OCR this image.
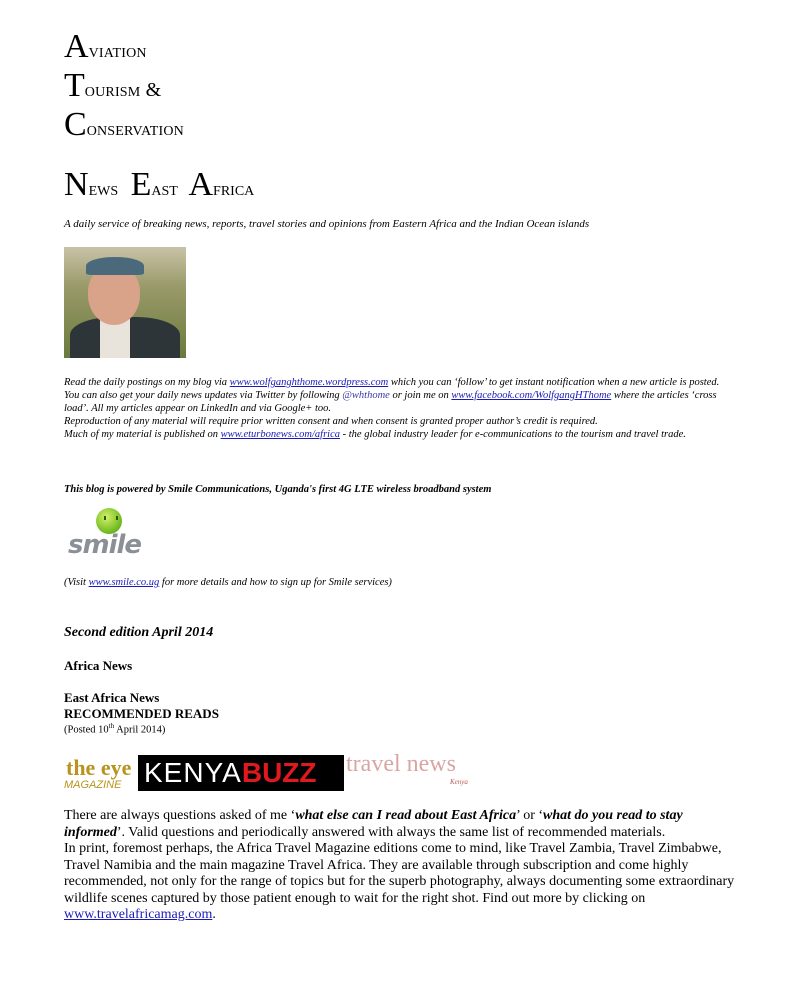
Aviation
Tourism &
Conservation
News East Africa
A daily service of breaking news, reports, travel stories and opinions from Eastern Africa and the Indian Ocean islands

Read the daily postings on my blog via www.wolfganghthome.wordpress.com which you can ‘follow’ to get instant notification when a new article is posted.

You can also get your daily news updates via Twitter by following @whthome or join me on www.facebook.com/WolfgangHThome where the articles ‘cross load’. All my articles appear on LinkedIn and via Google+ too.

Reproduction of any material will require prior written consent and when consent is granted proper author’s credit is required.

Much of my material is published on www.eturbonews.com/africa - the global industry leader for e-communications to the tourism and travel trade.

This blog is powered by Smile Communications, Uganda's first 4G LTE wireless broadband system
smile
(Visit www.smile.co.ug for more details and how to sign up for Smile services)
Second edition April 2014
Africa News
East Africa News
RECOMMENDED READS
(Posted 10th April 2014)
the eye
MAGAZINE KENYA BUZZ travel news
Kenya

There are always questions asked of me ‘what else can I read about East Africa’ or ‘what do you read to stay informed’. Valid questions and periodically answered with always the same list of recommended materials.

In print, foremost perhaps, the Africa Travel Magazine editions come to mind, like Travel Zambia, Travel Zimbabwe, Travel Namibia and the main magazine Travel Africa. They are available through subscription and come highly recommended, not only for the range of topics but for the superb photography, always documenting some extraordinary wildlife scenes captured by those patient enough to wait for the right shot. Find out more by clicking on www.travelafricamag.com.
